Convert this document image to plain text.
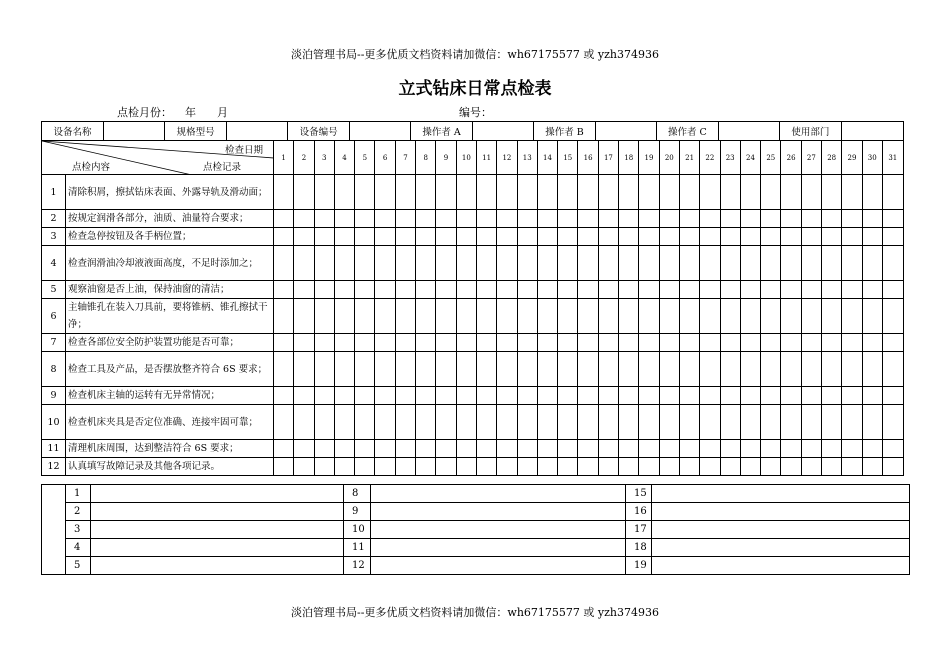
淡泊管理书局--更多优质文档资料请加微信：wh67175577 或 yzh374936
立式钻床日常点检表
点检月份： 年 月	编号：
设备名称		规格型号		设备编号		操作者 A		操作者 B		操作者 C		使用部门	

检查日期
点检记录
点检内容
	1	2	3	4	5	6	7	8	9	10	11	12	13	14	15	16	17	18	19	20	21	22	23	24	25	26	27	28	29	30	31
1	清除积屑，擦拭钻床表面、外露导轨及滑动面；																															
2	按规定润滑各部分，油质、油量符合要求；																															
3	检查急停按钮及各手柄位置；																															
4	检查润滑油冷却液液面高度，不足时添加之；																															
5	观察油窗是否上油，保持油窗的清洁；																															
6	主轴锥孔在装入刀具前，要将锥柄、锥孔擦拭干净；																															
7	检查各部位安全防护装置功能是否可靠；																															
8	检查工具及产品，是否摆放整齐符合 6S 要求；																															
9	检查机床主轴的运转有无异常情况；																															
10	检查机床夹具是否定位准确、连接牢固可靠；																															
11	清理机床周围，达到整洁符合 6S 要求；																															
12	认真填写故障记录及其他各项记录。																															
	1		8		15	
	2		9		16	
	3		10		17	
	4		11		18	
	5		12		19	
淡泊管理书局--更多优质文档资料请加微信：wh67175577 或 yzh374936
